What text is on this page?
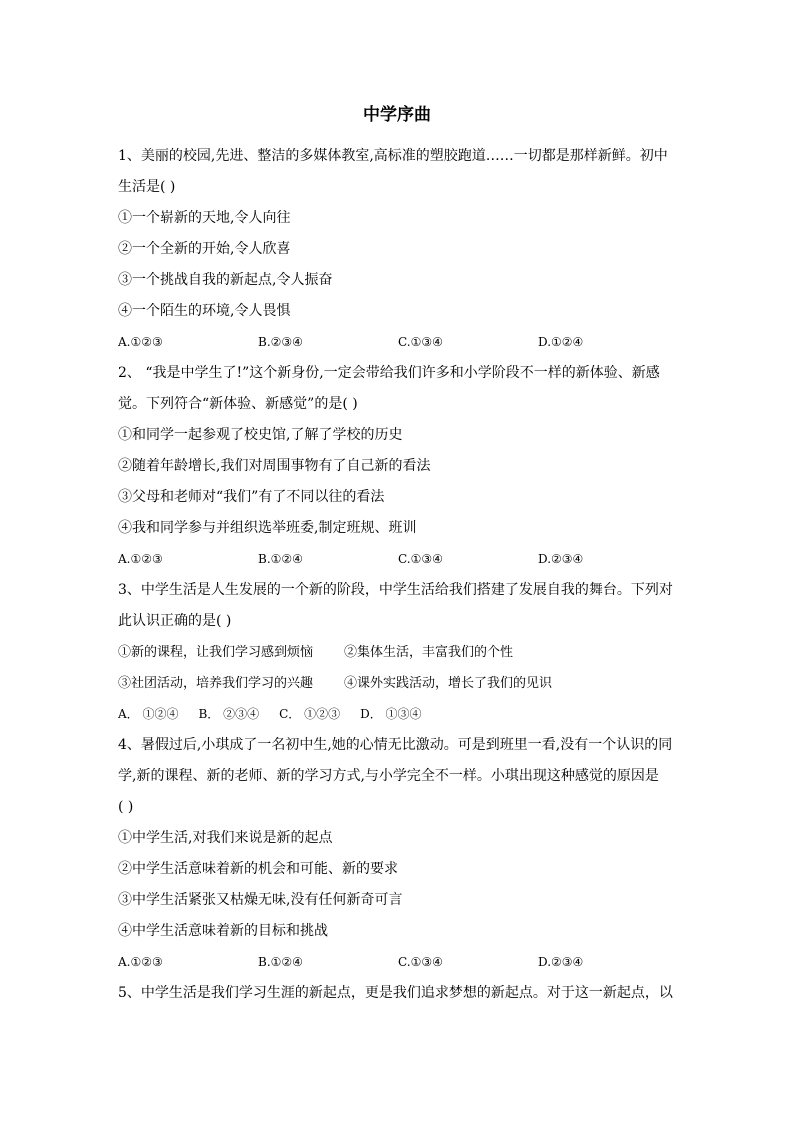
中学序曲
1、美丽的校园,先进、整洁的多媒体教室,高标准的塑胶跑道……一切都是那样新鲜。初中
生活是( )
①一个崭新的天地,令人向往
②一个全新的开始,令人欣喜
③一个挑战自我的新起点,令人振奋
④一个陌生的环境,令人畏惧
A.①②③	B.②③④	C.①③④	D.①②④
2、 “我是中学生了!”这个新身份,一定会带给我们许多和小学阶段不一样的新体验、新感
觉。下列符合“新体验、新感觉”的是( )
①和同学一起参观了校史馆,了解了学校的历史
②随着年龄增长,我们对周围事物有了自己新的看法
③父母和老师对“我们”有了不同以往的看法
④我和同学参与并组织选举班委,制定班规、班训
A.①②③	B.①②④	C.①③④	D.②③④
3、中学生活是人生发展的一个新的阶段，中学生活给我们搭建了发展自我的舞台。下列对
此认识正确的是( )
①新的课程，让我们学习感到烦恼	②集体生活，丰富我们的个性
③社团活动，培养我们学习的兴趣	④课外实践活动，增长了我们的见识
A． ①②④ B． ②③④ C． ①②③ D． ①③④
4、暑假过后,小琪成了一名初中生,她的心情无比激动。可是到班里一看,没有一个认识的同
学,新的课程、新的老师、新的学习方式,与小学完全不一样。小琪出现这种感觉的原因是
( )
①中学生活,对我们来说是新的起点
②中学生活意味着新的机会和可能、新的要求
③中学生活紧张又枯燥无味,没有任何新奇可言
④中学生活意味着新的目标和挑战
A.①②③	B.①②④	C.①③④	D.②③④
5、中学生活是我们学习生涯的新起点，更是我们追求梦想的新起点。对于这一新起点，以
